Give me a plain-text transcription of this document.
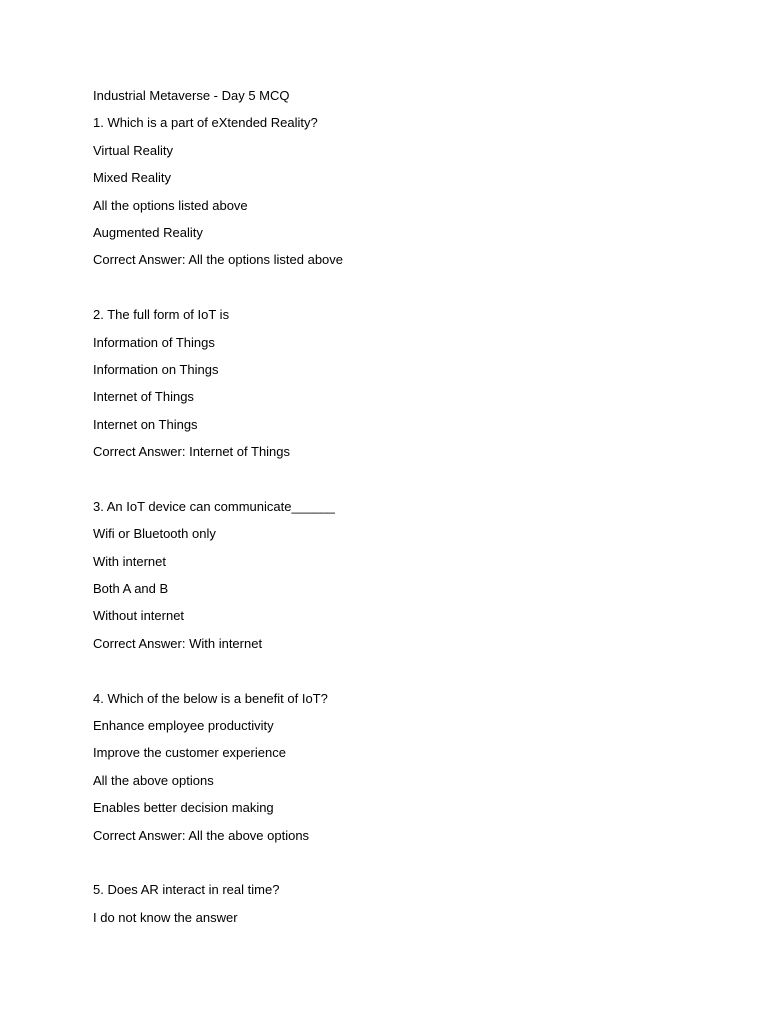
Industrial Metaverse - Day 5 MCQ
1. Which is a part of eXtended Reality?
Virtual Reality
Mixed Reality
All the options listed above
Augmented Reality
Correct Answer: All the options listed above
2. The full form of IoT is
Information of Things
Information on Things
Internet of Things
Internet on Things
Correct Answer: Internet of Things
3. An IoT device can communicate______
Wifi or Bluetooth only
With internet
Both A and B
Without internet
Correct Answer: With internet
4. Which of the below is a benefit of IoT?
Enhance employee productivity
Improve the customer experience
All the above options
Enables better decision making
Correct Answer: All the above options
5. Does AR interact in real time?
I do not know the answer
